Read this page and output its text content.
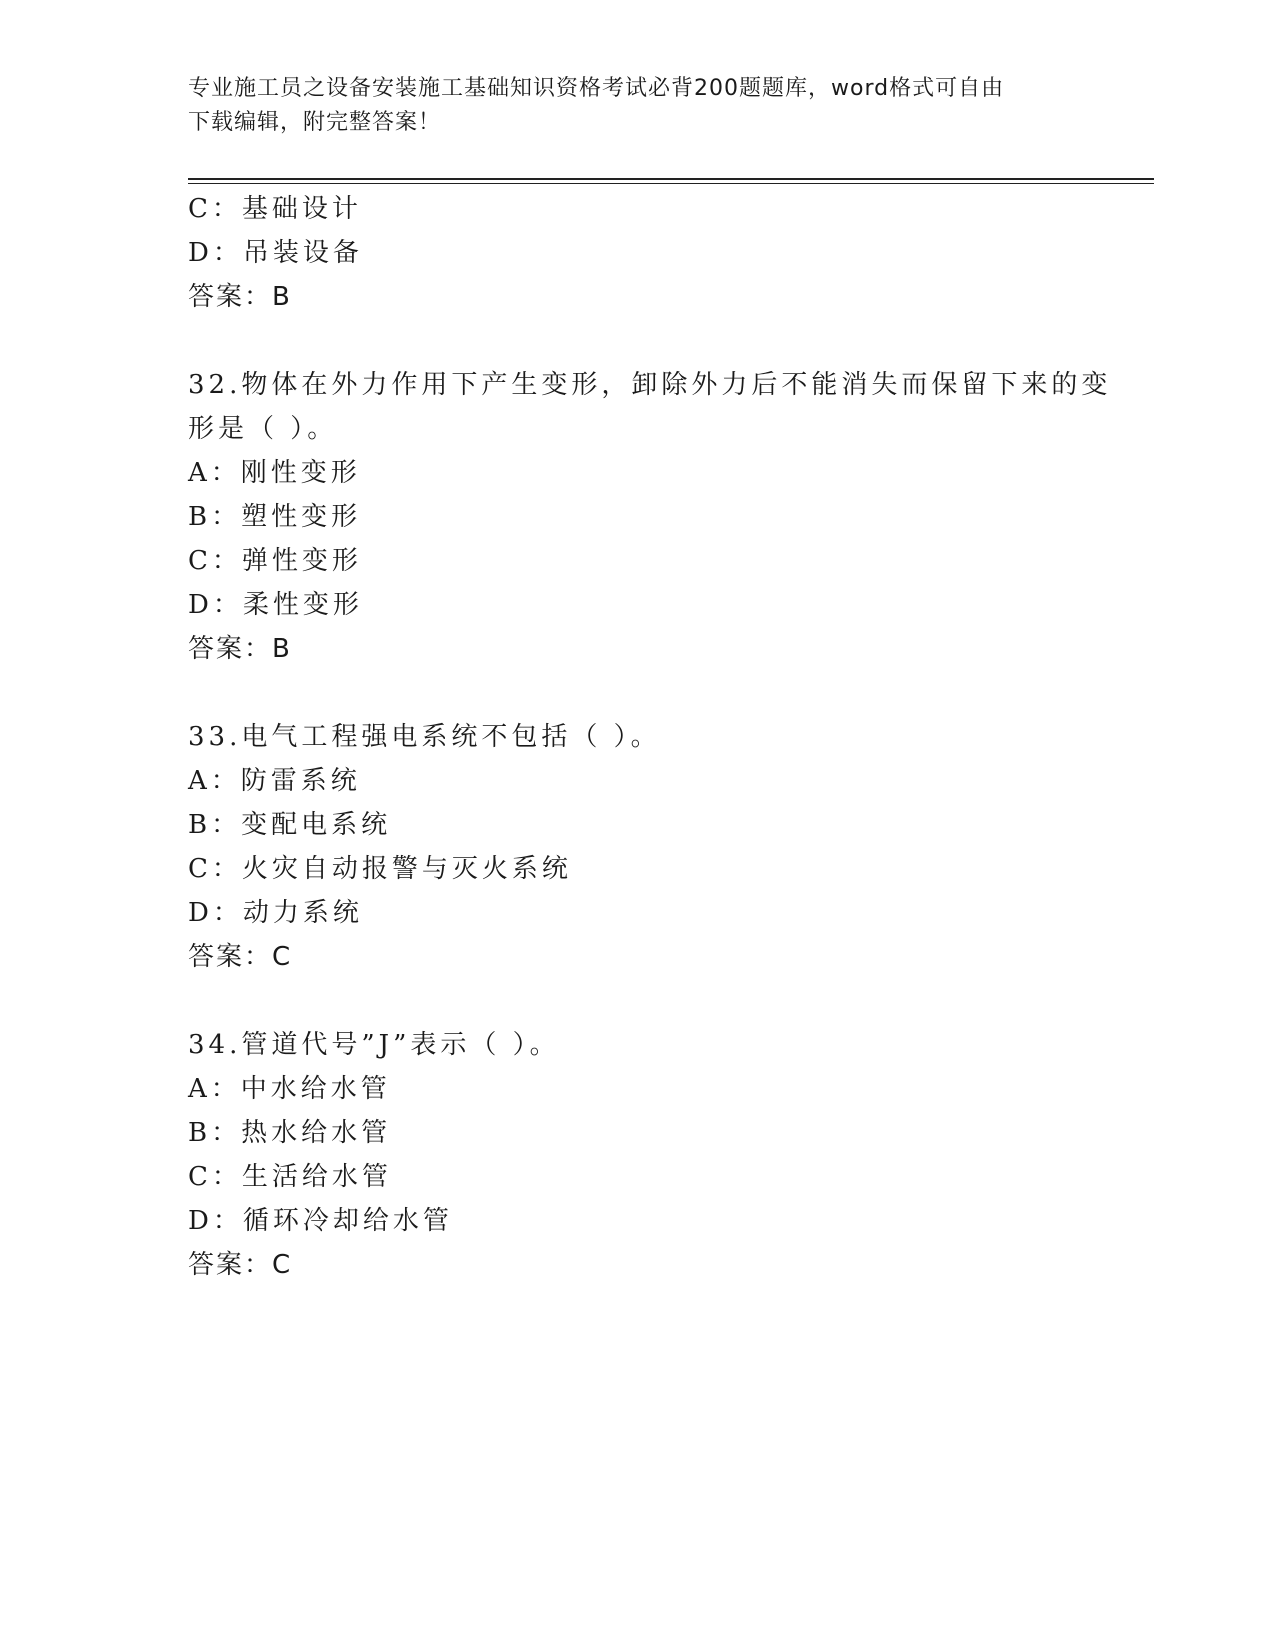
专业施工员之设备安装施工基础知识资格考试必背200题题库，word格式可自由
下载编辑，附完整答案！
C：基础设计
D：吊装设备
答案：B
32.物体在外力作用下产生变形，卸除外力后不能消失而保留下来的变
形是（ ）。
A：刚性变形
B：塑性变形
C：弹性变形
D：柔性变形
答案：B
33.电气工程强电系统不包括（ ）。
A：防雷系统
B：变配电系统
C：火灾自动报警与灭火系统
D：动力系统
答案：C
34.管道代号”J”表示（ ）。
A：中水给水管
B：热水给水管
C：生活给水管
D：循环冷却给水管
答案：C
